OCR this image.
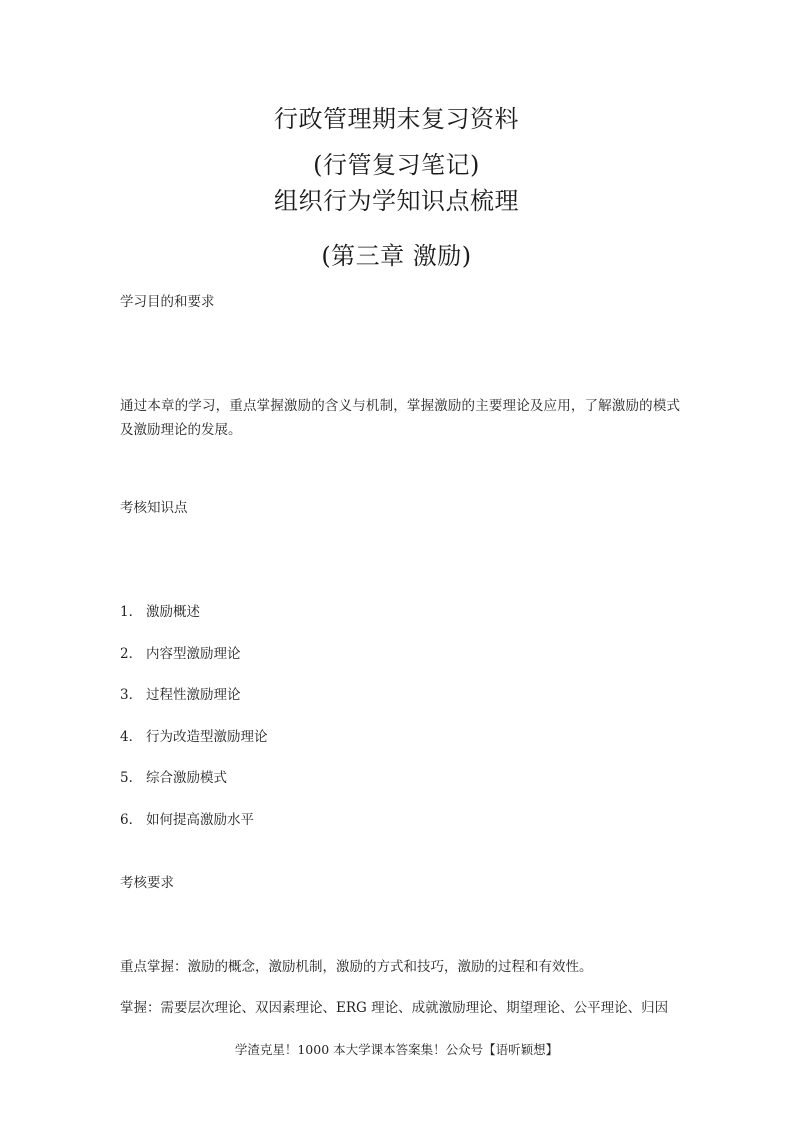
行政管理期末复习资料
(行管复习笔记)
组织行为学知识点梳理
(第三章 激励)
学习目的和要求
通过本章的学习，重点掌握激励的含义与机制，掌握激励的主要理论及应用，了解激励的模式及激励理论的发展。
考核知识点
1． 激励概述
2． 内容型激励理论
3． 过程性激励理论
4． 行为改造型激励理论
5． 综合激励模式
6． 如何提高激励水平
考核要求
重点掌握：激励的概念，激励机制，激励的方式和技巧，激励的过程和有效性。
掌握：需要层次理论、双因素理论、ERG 理论、成就激励理论、期望理论、公平理论、归因
学渣克星！1000 本大学课本答案集！公众号【语听颖想】
